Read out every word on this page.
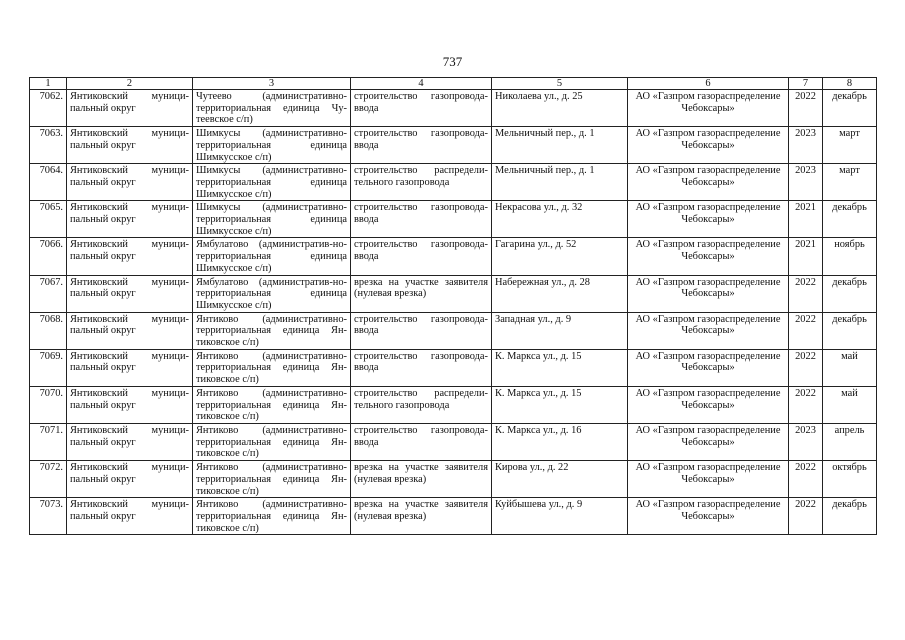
737
1	2	3	4	5	6	7	8
7062.	Янтиковский муници-пальный округ	Чутеево (административно-территориальная единица Чу-теевское с/п)	строительство газопровода-ввода	Николаева ул., д. 25	АО «Газпром газораспределение Чебоксары»	2022	декабрь
7063.	Янтиковский муници-пальный округ	Шимкусы (административно-территориальная единица Шимкусское с/п)	строительство газопровода-ввода	Мельничный пер., д. 1	АО «Газпром газораспределение Чебоксары»	2023	март
7064.	Янтиковский муници-пальный округ	Шимкусы (административно-территориальная единица Шимкусское с/п)	строительство распредели-тельного газопровода	Мельничный пер., д. 1	АО «Газпром газораспределение Чебоксары»	2023	март
7065.	Янтиковский муници-пальный округ	Шимкусы (административно-территориальная единица Шимкусское с/п)	строительство газопровода-ввода	Некрасова ул., д. 32	АО «Газпром газораспределение Чебоксары»	2021	декабрь
7066.	Янтиковский муници-пальный округ	Ямбулатово (административ-но-территориальная единица Шимкусское с/п)	строительство газопровода-ввода	Гагарина ул., д. 52	АО «Газпром газораспределение Чебоксары»	2021	ноябрь
7067.	Янтиковский муници-пальный округ	Ямбулатово (административ-но-территориальная единица Шимкусское с/п)	врезка на участке заявителя (нулевая врезка)	Набережная ул., д. 28	АО «Газпром газораспределение Чебоксары»	2022	декабрь
7068.	Янтиковский муници-пальный округ	Янтиково (административно-территориальная единица Ян-тиковское с/п)	строительство газопровода-ввода	Западная ул., д. 9	АО «Газпром газораспределение Чебоксары»	2022	декабрь
7069.	Янтиковский муници-пальный округ	Янтиково (административно-территориальная единица Ян-тиковское с/п)	строительство газопровода-ввода	К. Маркса ул., д. 15	АО «Газпром газораспределение Чебоксары»	2022	май
7070.	Янтиковский муници-пальный округ	Янтиково (административно-территориальная единица Ян-тиковское с/п)	строительство распредели-тельного газопровода	К. Маркса ул., д. 15	АО «Газпром газораспределение Чебоксары»	2022	май
7071.	Янтиковский муници-пальный округ	Янтиково (административно-территориальная единица Ян-тиковское с/п)	строительство газопровода-ввода	К. Маркса ул., д. 16	АО «Газпром газораспределение Чебоксары»	2023	апрель
7072.	Янтиковский муници-пальный округ	Янтиково (административно-территориальная единица Ян-тиковское с/п)	врезка на участке заявителя (нулевая врезка)	Кирова ул., д. 22	АО «Газпром газораспределение Чебоксары»	2022	октябрь
7073.	Янтиковский муници-пальный округ	Янтиково (административно-территориальная единица Ян-тиковское с/п)	врезка на участке заявителя (нулевая врезка)	Куйбышева ул., д. 9	АО «Газпром газораспределение Чебоксары»	2022	декабрь
